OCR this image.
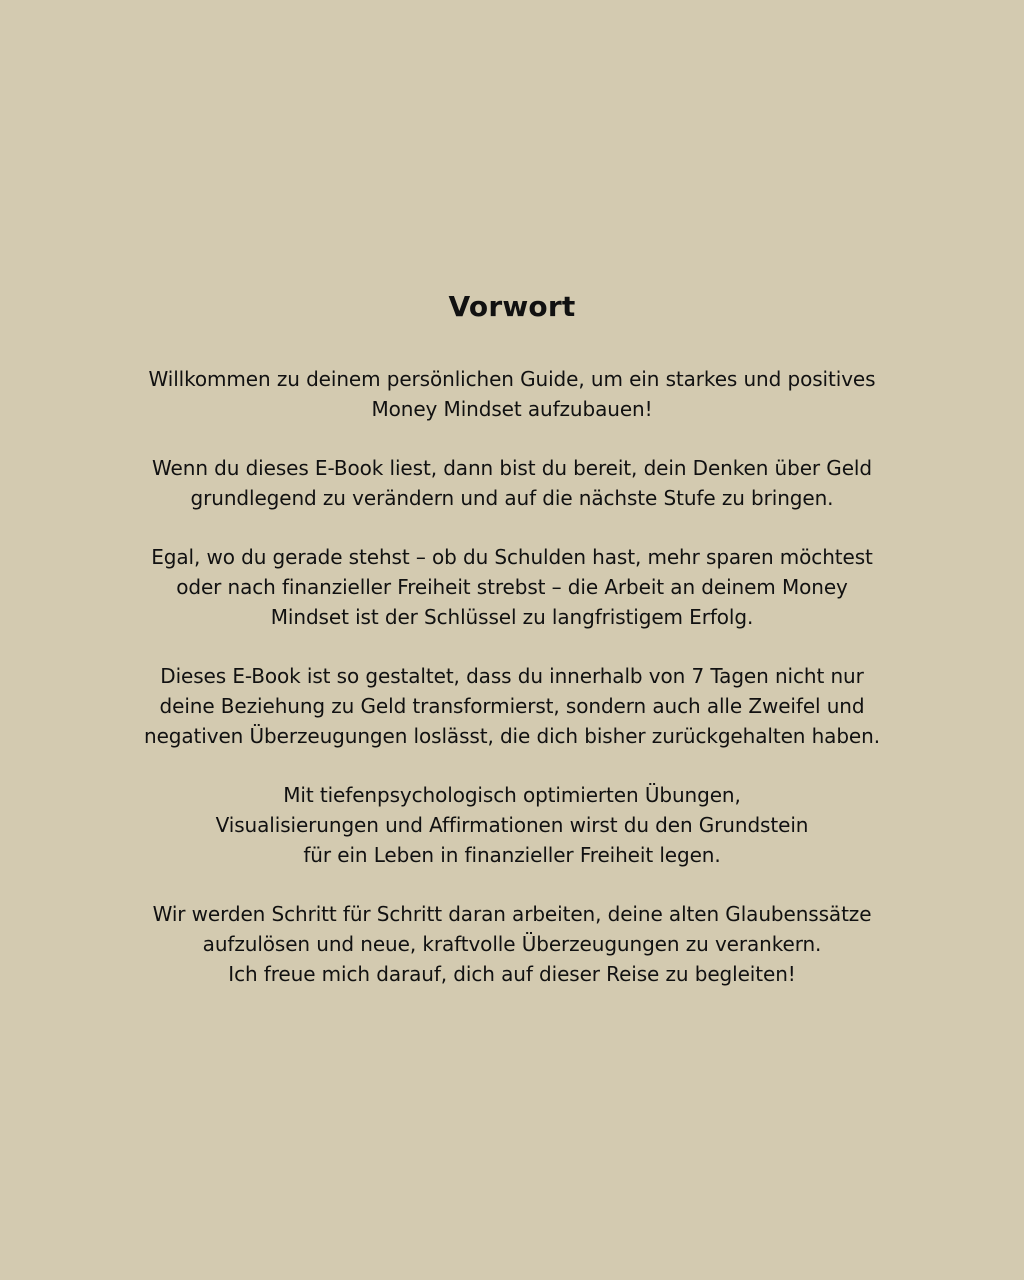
Vorwort

Willkommen zu deinem persönlichen Guide, um ein starkes und positives
Money Mindset aufzubauen!

Wenn du dieses E-Book liest, dann bist du bereit, dein Denken über Geld
grundlegend zu verändern und auf die nächste Stufe zu bringen.

Egal, wo du gerade stehst – ob du Schulden hast, mehr sparen möchtest
oder nach finanzieller Freiheit strebst – die Arbeit an deinem Money
Mindset ist der Schlüssel zu langfristigem Erfolg.

Dieses E-Book ist so gestaltet, dass du innerhalb von 7 Tagen nicht nur
deine Beziehung zu Geld transformierst, sondern auch alle Zweifel und
negativen Überzeugungen loslässt, die dich bisher zurückgehalten haben.

Mit tiefenpsychologisch optimierten Übungen,
Visualisierungen und Affirmationen wirst du den Grundstein
für ein Leben in finanzieller Freiheit legen.

Wir werden Schritt für Schritt daran arbeiten, deine alten Glaubenssätze
aufzulösen und neue, kraftvolle Überzeugungen zu verankern.
Ich freue mich darauf, dich auf dieser Reise zu begleiten!
